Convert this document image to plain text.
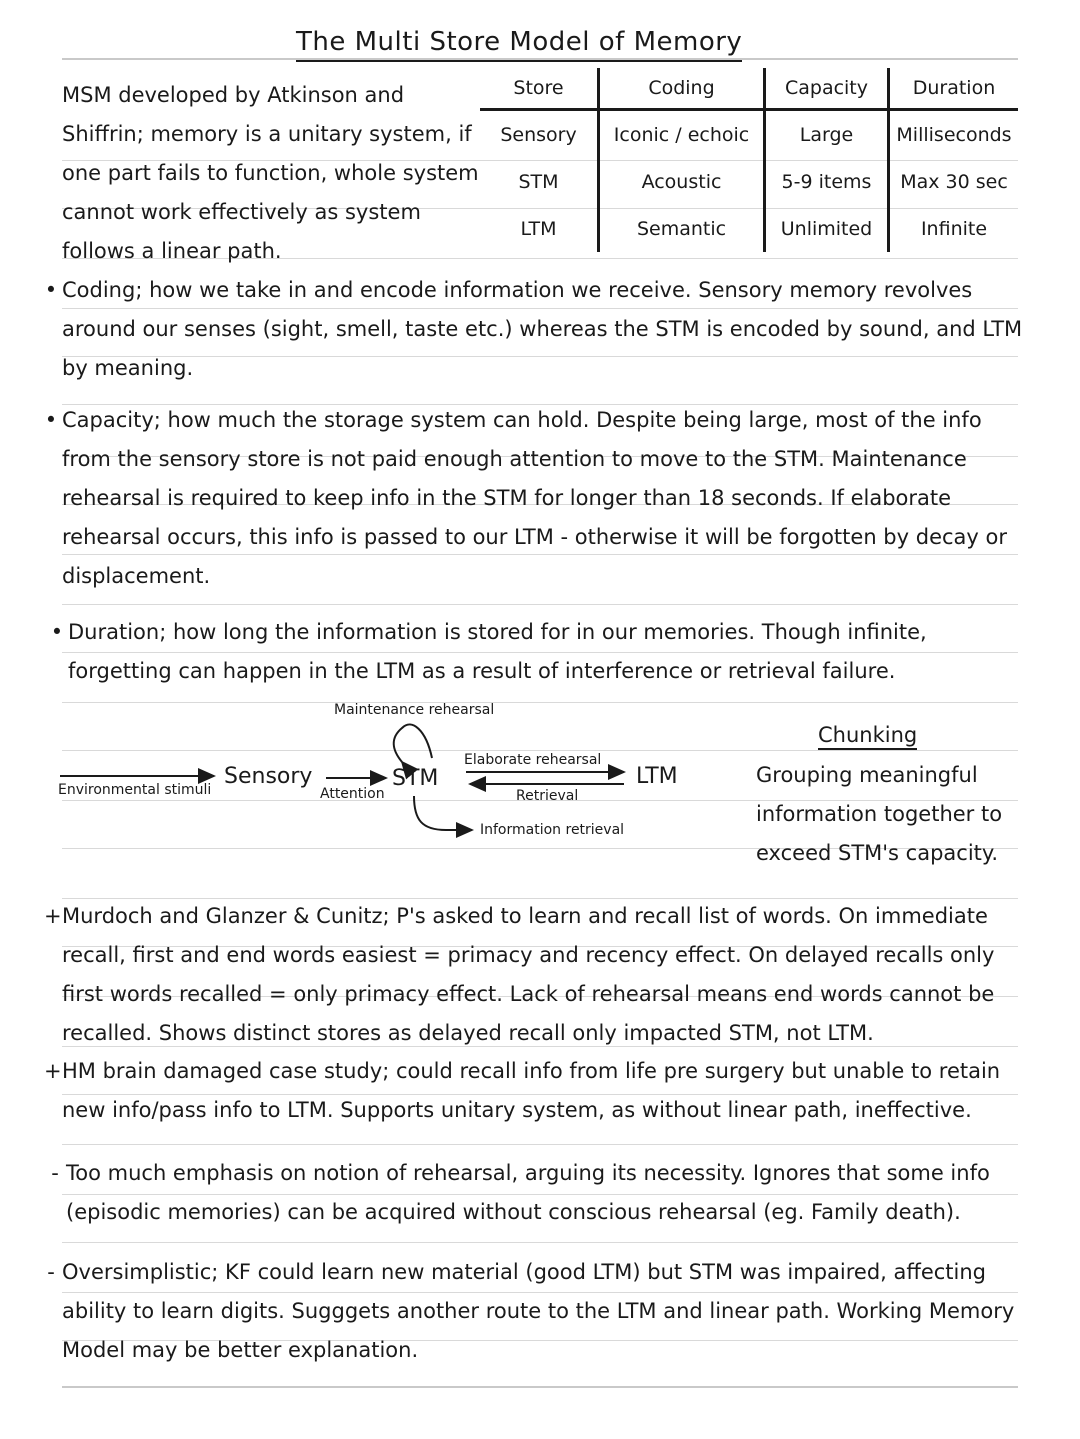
The Multi Store Model of Memory
MSM developed by Atkinson and Shiffrin; memory is a unitary system, if one part fails to function, whole system cannot work effectively as system follows a linear path.
Store	Coding	Capacity	Duration
Sensory	Iconic / echoic	Large	Milliseconds
STM	Acoustic	5-9 items	Max 30 sec
LTM	Semantic	Unlimited	Infinite
• Coding; how we take in and encode information we receive. Sensory memory revolves around our senses (sight, smell, taste etc.) whereas the STM is encoded by sound, and LTM by meaning.
• Capacity; how much the storage system can hold. Despite being large, most of the info from the sensory store is not paid enough attention to move to the STM. Maintenance rehearsal is required to keep info in the STM for longer than 18 seconds. If elaborate rehearsal occurs, this info is passed to our LTM - otherwise it will be forgotten by decay or displacement.
• Duration; how long the information is stored for in our memories. Though infinite, forgetting can happen in the LTM as a result of interference or retrieval failure.
Maintenance rehearsal
Environmental stimuli
Sensory
Attention
STM
Elaborate rehearsal
Retrieval
LTM
Information retrieval
Chunking
Grouping meaningful information together to exceed STM's capacity.
+ Murdoch and Glanzer & Cunitz; P's asked to learn and recall list of words. On immediate recall, first and end words easiest = primacy and recency effect. On delayed recalls only first words recalled = only primacy effect. Lack of rehearsal means end words cannot be recalled. Shows distinct stores as delayed recall only impacted STM, not LTM.
+ HM brain damaged case study; could recall info from life pre surgery but unable to retain new info/pass info to LTM. Supports unitary system, as without linear path, ineffective.
- Too much emphasis on notion of rehearsal, arguing its necessity. Ignores that some info (episodic memories) can be acquired without conscious rehearsal (eg. Family death).
- Oversimplistic; KF could learn new material (good LTM) but STM was impaired, affecting ability to learn digits. Sugggets another route to the LTM and linear path. Working Memory Model may be better explanation.
